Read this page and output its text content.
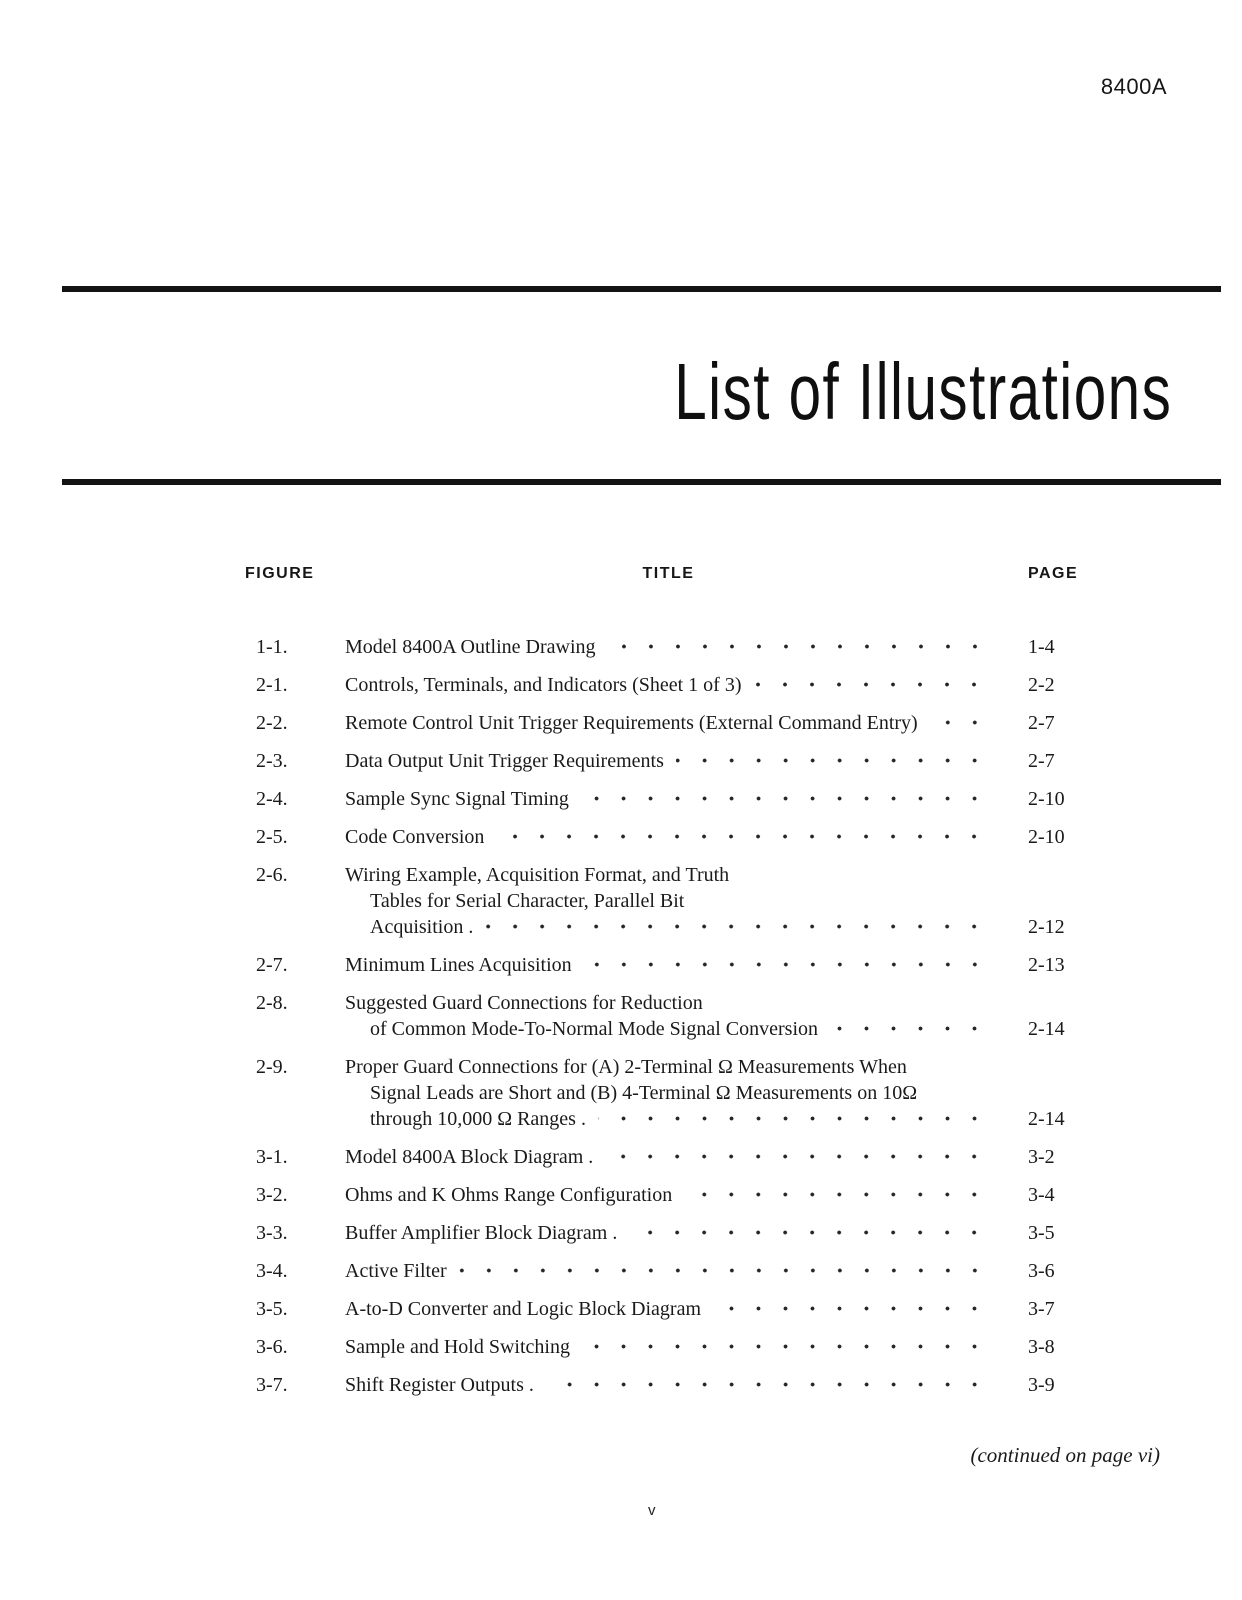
8400A
List of Illustrations
FIGURE	TITLE	PAGE
1-1.	Model 8400A Outline Drawing	1-4
2-1.	Controls, Terminals, and Indicators (Sheet 1 of 3)	2-2
2-2.	Remote Control Unit Trigger Requirements (External Command Entry)	2-7
2-3.	Data Output Unit Trigger Requirements	2-7
2-4.	Sample Sync Signal Timing	2-10
2-5.	Code Conversion	2-10
2-6.	Wiring Example, Acquisition Format, and Truth
Tables for Serial Character, Parallel Bit
Acquisition .	2-12
2-7.	Minimum Lines Acquisition	2-13
2-8.	Suggested Guard Connections for Reduction
of Common Mode-To-Normal Mode Signal Conversion	2-14
2-9.	Proper Guard Connections for (A) 2-Terminal Ω Measurements When
Signal Leads are Short and (B) 4-Terminal Ω Measurements on 10Ω
through 10,000 Ω Ranges .	2-14
3-1.	Model 8400A Block Diagram .	3-2
3-2.	Ohms and K Ohms Range Configuration	3-4
3-3.	Buffer Amplifier Block Diagram .	3-5
3-4.	Active Filter	3-6
3-5.	A-to-D Converter and Logic Block Diagram	3-7
3-6.	Sample and Hold Switching	3-8
3-7.	Shift Register Outputs .	3-9
(continued on page vi)
v
